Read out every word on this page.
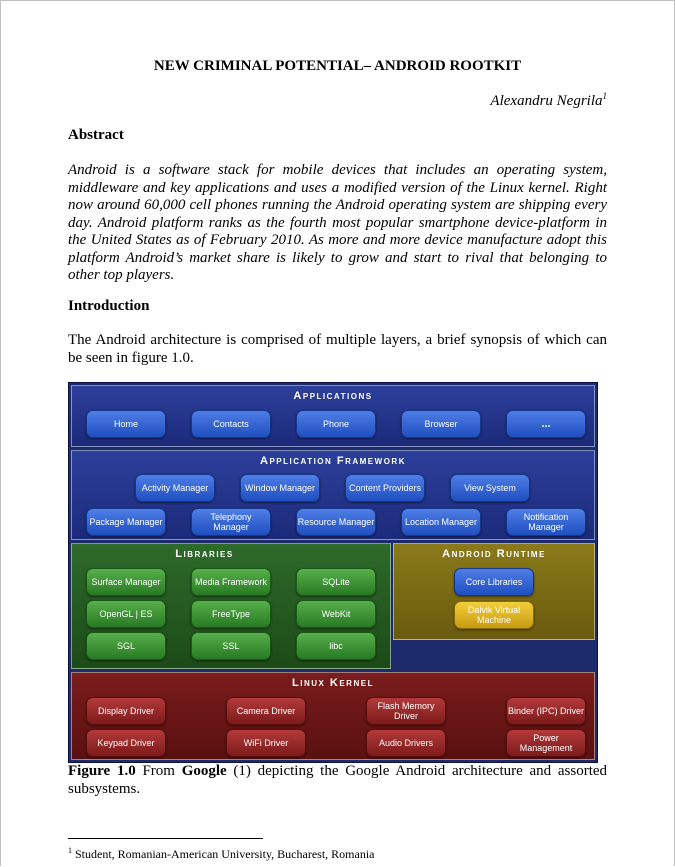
NEW CRIMINAL POTENTIAL– ANDROID ROOTKIT
Alexandru Negrila$^1$
Abstract
Android is a software stack for mobile devices that includes an operating system, middleware and key applications and uses a modified version of the Linux kernel. Right now around 60,000 cell phones running the Android operating system are shipping every day. Android platform ranks as the fourth most popular smartphone device-platform in the United States as of February 2010. As more and more device manufacture adopt this platform Android’s market share is likely to grow and start to rival that belonging to other top players.
Introduction
The Android architecture is comprised of multiple layers, a brief synopsis of which can be seen in figure 1.0.
Applications
Home	Contacts	Phone	Browser	...
Application Framework
Activity Manager	Window Manager	Content Providers	View System
Package Manager	Telephony Manager	Resource Manager	Location Manager	Notification Manager
Libraries
Surface Manager	Media Framework	SQLite
OpenGL | ES	FreeType	WebKit
SGL	SSL	libc
Android Runtime
Core Libraries
Dalvik Virtual Machine
Linux Kernel
Display Driver	Camera Driver	Flash Memory Driver	Binder (IPC) Driver
Keypad Driver	WiFi Driver	Audio Drivers	Power Management
Figure 1.0 From Google (1) depicting the Google Android architecture and assorted subsystems.
$^1$ Student, Romanian-American University, Bucharest, Romania
